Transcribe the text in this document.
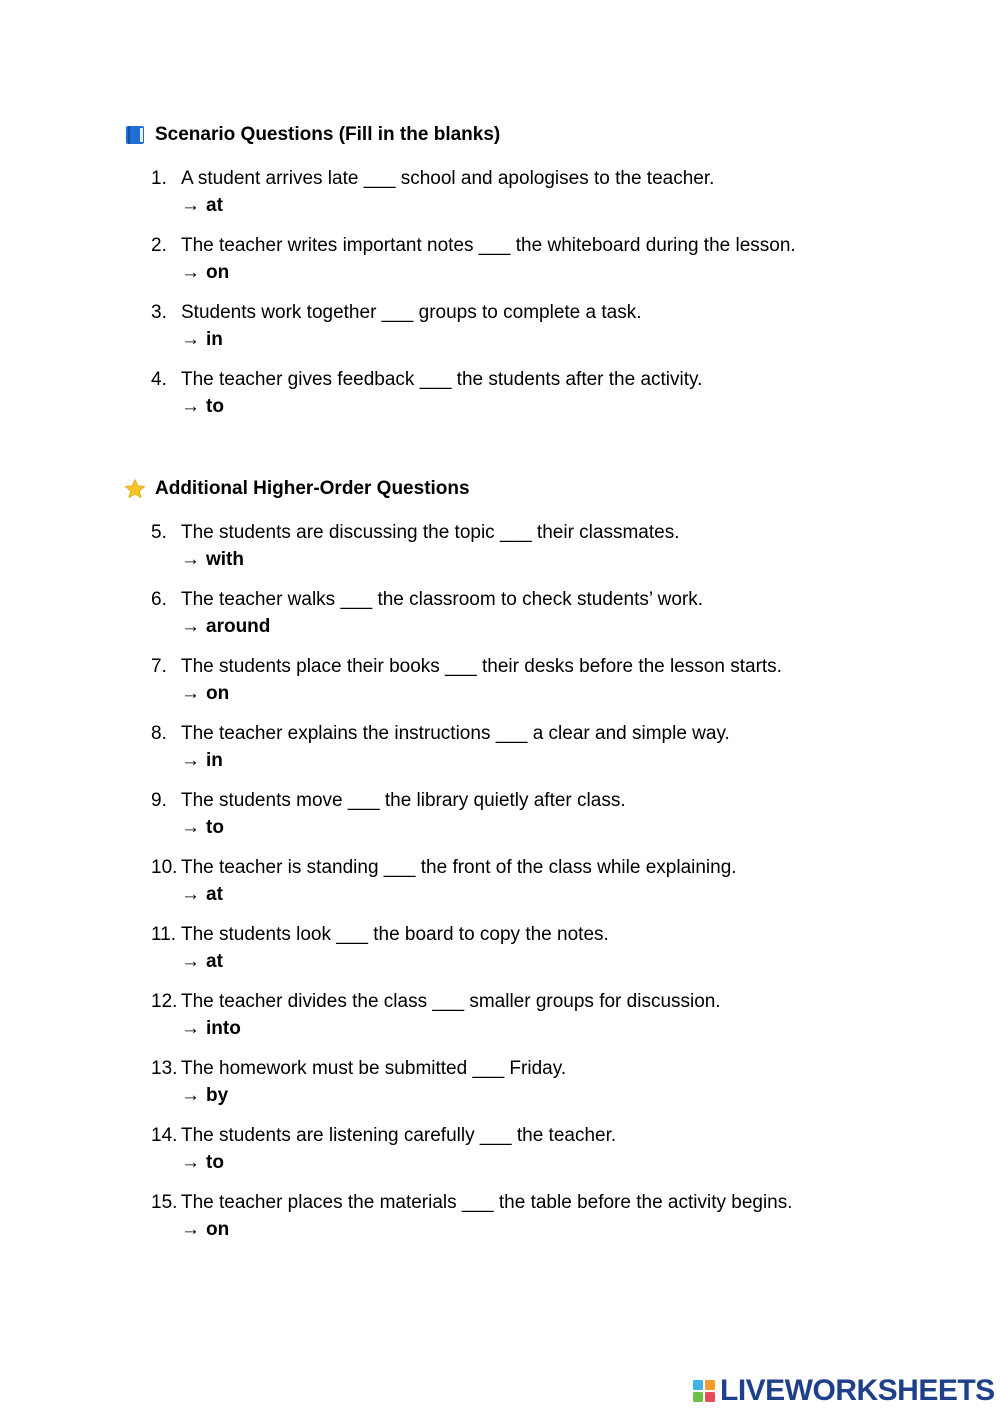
Scenario Questions (Fill in the blanks)
1. A student arrives late ___ school and apologises to the teacher.
→ at
2. The teacher writes important notes ___ the whiteboard during the lesson.
→ on
3. Students work together ___ groups to complete a task.
→ in
4. The teacher gives feedback ___ the students after the activity.
→ to
Additional Higher-Order Questions
5. The students are discussing the topic ___ their classmates.
→ with
6. The teacher walks ___ the classroom to check students’ work.
→ around
7. The students place their books ___ their desks before the lesson starts.
→ on
8. The teacher explains the instructions ___ a clear and simple way.
→ in
9. The students move ___ the library quietly after class.
→ to
10. The teacher is standing ___ the front of the class while explaining.
→ at
11. The students look ___ the board to copy the notes.
→ at
12. The teacher divides the class ___ smaller groups for discussion.
→ into
13. The homework must be submitted ___ Friday.
→ by
14. The students are listening carefully ___ the teacher.
→ to
15. The teacher places the materials ___ the table before the activity begins.
→ on
LIVEWORKSHEETS
